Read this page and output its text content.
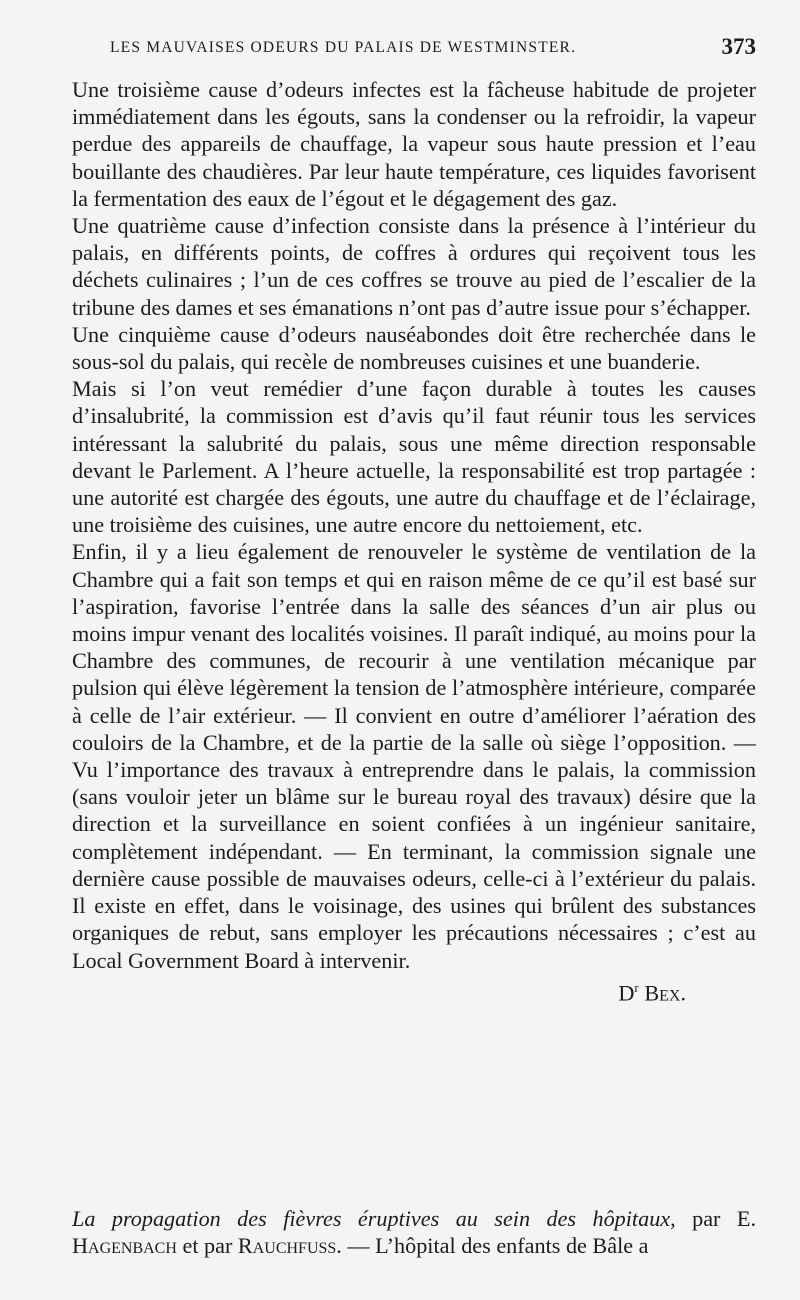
LES MAUVAISES ODEURS DU PALAIS DE WESTMINSTER.	373

Une troisième cause d’odeurs infectes est la fâcheuse habitude de projeter immédiatement dans les égouts, sans la condenser ou la refroidir, la vapeur perdue des appareils de chauffage, la vapeur sous haute pression et l’eau bouillante des chaudières. Par leur haute température, ces liquides favorisent la fermentation des eaux de l’égout et le dégagement des gaz.

Une quatrième cause d’infection consiste dans la présence à l’intérieur du palais, en différents points, de coffres à ordures qui reçoivent tous les déchets culinaires ; l’un de ces coffres se trouve au pied de l’escalier de la tribune des dames et ses émanations n’ont pas d’autre issue pour s’échapper.

Une cinquième cause d’odeurs nauséabondes doit être recherchée dans le sous-sol du palais, qui recèle de nombreuses cuisines et une buanderie.

Mais si l’on veut remédier d’une façon durable à toutes les causes d’insalubrité, la commission est d’avis qu’il faut réunir tous les services intéressant la salubrité du palais, sous une même direction responsable devant le Parlement. A l’heure actuelle, la responsabilité est trop partagée : une autorité est chargée des égouts, une autre du chauffage et de l’éclairage, une troisième des cuisines, une autre encore du nettoiement, etc.

Enfin, il y a lieu également de renouveler le système de ventilation de la Chambre qui a fait son temps et qui en raison même de ce qu’il est basé sur l’aspiration, favorise l’entrée dans la salle des séances d’un air plus ou moins impur venant des localités voisines. Il paraît indiqué, au moins pour la Chambre des communes, de recourir à une ventilation mécanique par pulsion qui élève légèrement la tension de l’atmosphère intérieure, comparée à celle de l’air extérieur. — Il convient en outre d’améliorer l’aération des couloirs de la Chambre, et de la partie de la salle où siège l’opposition. — Vu l’importance des travaux à entreprendre dans le palais, la commission (sans vouloir jeter un blâme sur le bureau royal des travaux) désire que la direction et la surveillance en soient confiées à un ingénieur sanitaire, complètement indépendant. — En terminant, la commission signale une dernière cause possible de mauvaises odeurs, celle-ci à l’extérieur du palais. Il existe en effet, dans le voisinage, des usines qui brûlent des substances organiques de rebut, sans employer les précautions nécessaires ; c’est au Local Government Board à intervenir.

$D^r$ Bex.

La propagation des fièvres éruptives au sein des hôpitaux, par E. Hagenbach et par Rauchfuss. — L’hôpital des enfants de Bâle a
